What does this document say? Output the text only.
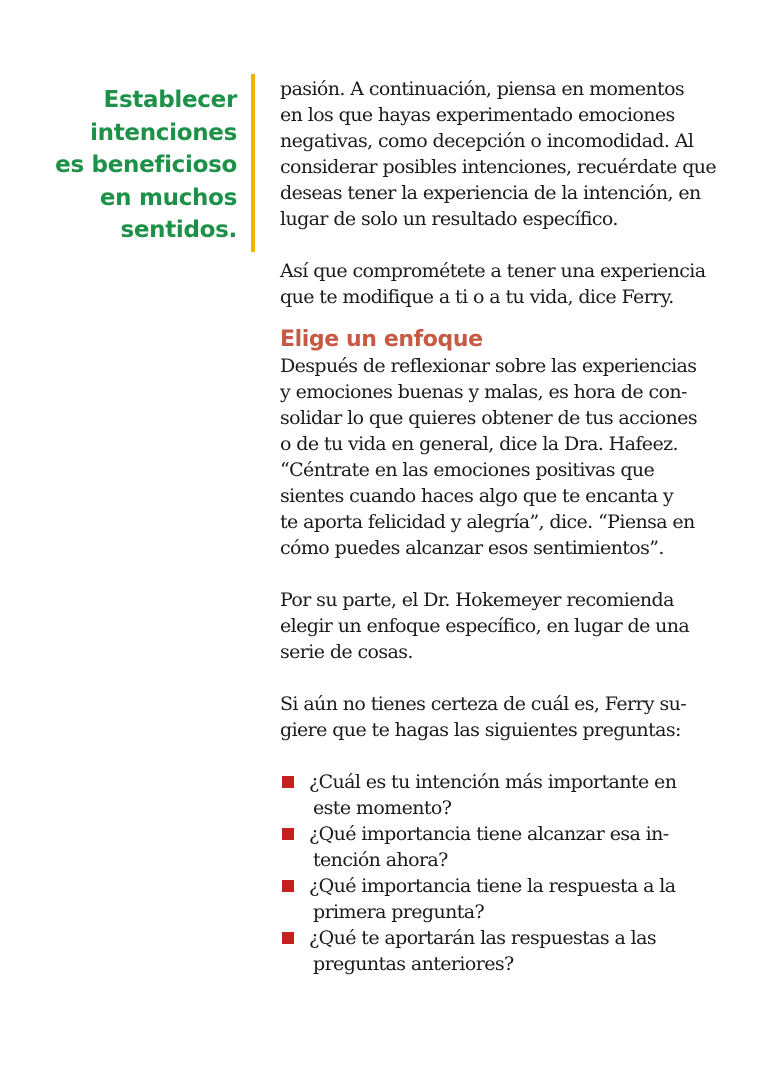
Establecer
intenciones
es beneficioso
en muchos
sentidos.
pasión. A continuación, piensa en momentos
en los que hayas experimentado emociones
negativas, como decepción o incomodidad. Al
considerar posibles intenciones, recuérdate que
deseas tener la experiencia de la intención, en
lugar de solo un resultado específico.
Así que comprométete a tener una experiencia
que te modifique a ti o a tu vida, dice Ferry.
Elige un enfoque
Después de reflexionar sobre las experiencias
y emociones buenas y malas, es hora de con-
solidar lo que quieres obtener de tus acciones
o de tu vida en general, dice la Dra. Hafeez.
“Céntrate en las emociones positivas que
sientes cuando haces algo que te encanta y
te aporta felicidad y alegría”, dice. “Piensa en
cómo puedes alcanzar esos sentimientos”.
Por su parte, el Dr. Hokemeyer recomienda
elegir un enfoque específico, en lugar de una
serie de cosas.
Si aún no tienes certeza de cuál es, Ferry su-
giere que te hagas las siguientes preguntas:
¿Cuál es tu intención más importante en
este momento?
¿Qué importancia tiene alcanzar esa in-
tención ahora?
¿Qué importancia tiene la respuesta a la
primera pregunta?
¿Qué te aportarán las respuestas a las
preguntas anteriores?
